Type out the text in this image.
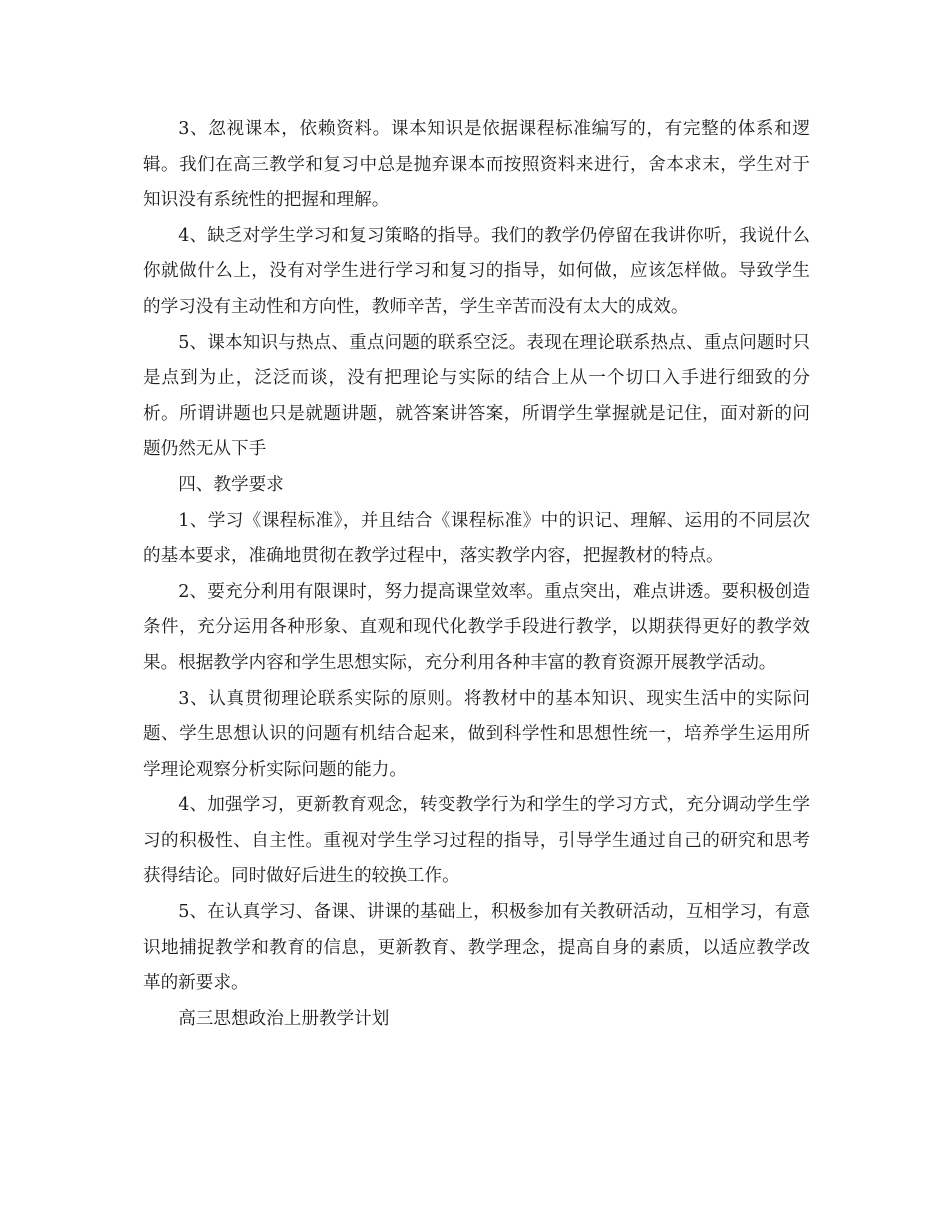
3、忽视课本，依赖资料。课本知识是依据课程标准编写的，有完整的体系和逻辑。我们在高三教学和复习中总是抛弃课本而按照资料来进行，舍本求末，学生对于知识没有系统性的把握和理解。

4、缺乏对学生学习和复习策略的指导。我们的教学仍停留在我讲你听，我说什么你就做什么上，没有对学生进行学习和复习的指导，如何做，应该怎样做。导致学生的学习没有主动性和方向性，教师辛苦，学生辛苦而没有太大的成效。

5、课本知识与热点、重点问题的联系空泛。表现在理论联系热点、重点问题时只是点到为止，泛泛而谈，没有把理论与实际的结合上从一个切口入手进行细致的分析。所谓讲题也只是就题讲题，就答案讲答案，所谓学生掌握就是记住，面对新的问题仍然无从下手

四、教学要求

1、学习《课程标准》，并且结合《课程标准》中的识记、理解、运用的不同层次的基本要求，准确地贯彻在教学过程中，落实教学内容，把握教材的特点。

2、要充分利用有限课时，努力提高课堂效率。重点突出，难点讲透。要积极创造条件，充分运用各种形象、直观和现代化教学手段进行教学，以期获得更好的教学效果。根据教学内容和学生思想实际，充分利用各种丰富的教育资源开展教学活动。

3、认真贯彻理论联系实际的原则。将教材中的基本知识、现实生活中的实际问题、学生思想认识的问题有机结合起来，做到科学性和思想性统一，培养学生运用所学理论观察分析实际问题的能力。

4、加强学习，更新教育观念，转变教学行为和学生的学习方式，充分调动学生学习的积极性、自主性。重视对学生学习过程的指导，引导学生通过自己的研究和思考获得结论。同时做好后进生的较换工作。

5、在认真学习、备课、讲课的基础上，积极参加有关教研活动，互相学习，有意识地捕捉教学和教育的信息，更新教育、教学理念，提高自身的素质，以适应教学改革的新要求。

高三思想政治上册教学计划
